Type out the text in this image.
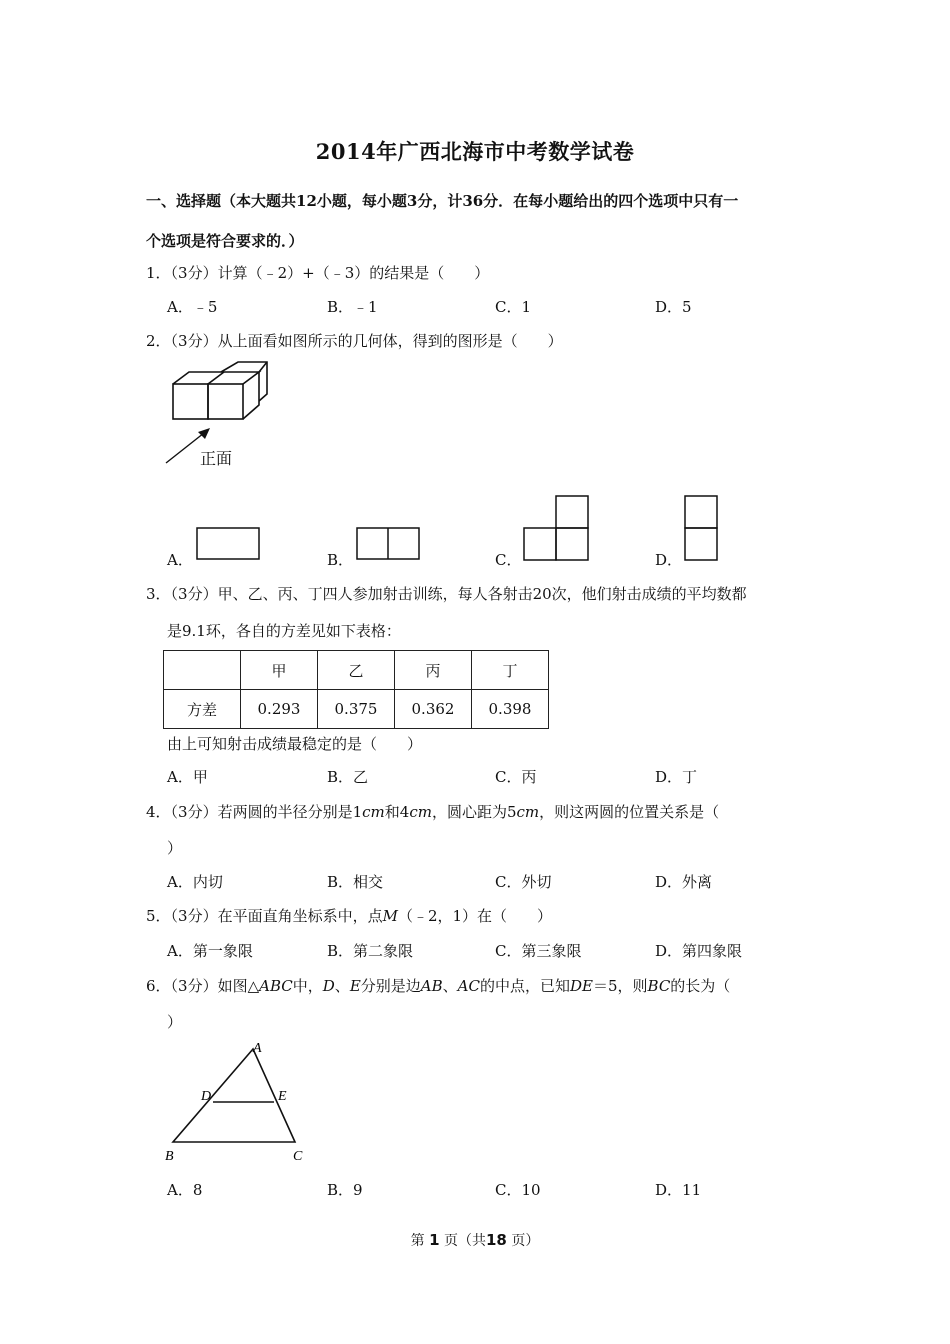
2014年广西北海市中考数学试卷
一、选择题（本大题共12小题，每小题3分，计36分．在每小题给出的四个选项中只有一
个选项是符合要求的．）
1．（3分）计算（﹣2）+（﹣3）的结果是（　　）
A．﹣5	B．﹣1	C．1	D．5
2．（3分）从上面看如图所示的几何体，得到的图形是（　　）
正面
A．	B．	C．	D．
3．（3分）甲、乙、丙、丁四人参加射击训练，每人各射击20次，他们射击成绩的平均数都
是9.1环，各自的方差见如下表格：
	甲	乙	丙	丁
方差	0.293	0.375	0.362	0.398
由上可知射击成绩最稳定的是（　　）
A．甲	B．乙	C．丙	D．丁
4．（3分）若两圆的半径分别是1cm和4cm，圆心距为5cm，则这两圆的位置关系是（
）
A．内切	B．相交	C．外切	D．外离
5．（3分）在平面直角坐标系中，点M（﹣2，1）在（　　）
A．第一象限	B．第二象限	C．第三象限	D．第四象限
6．（3分）如图△ABC中，D、E分别是边AB、AC的中点，已知DE＝5，则BC的长为（
）
A
B	C
D	E
A．8	B．9	C．10	D．11
第 1 页（共18 页）
